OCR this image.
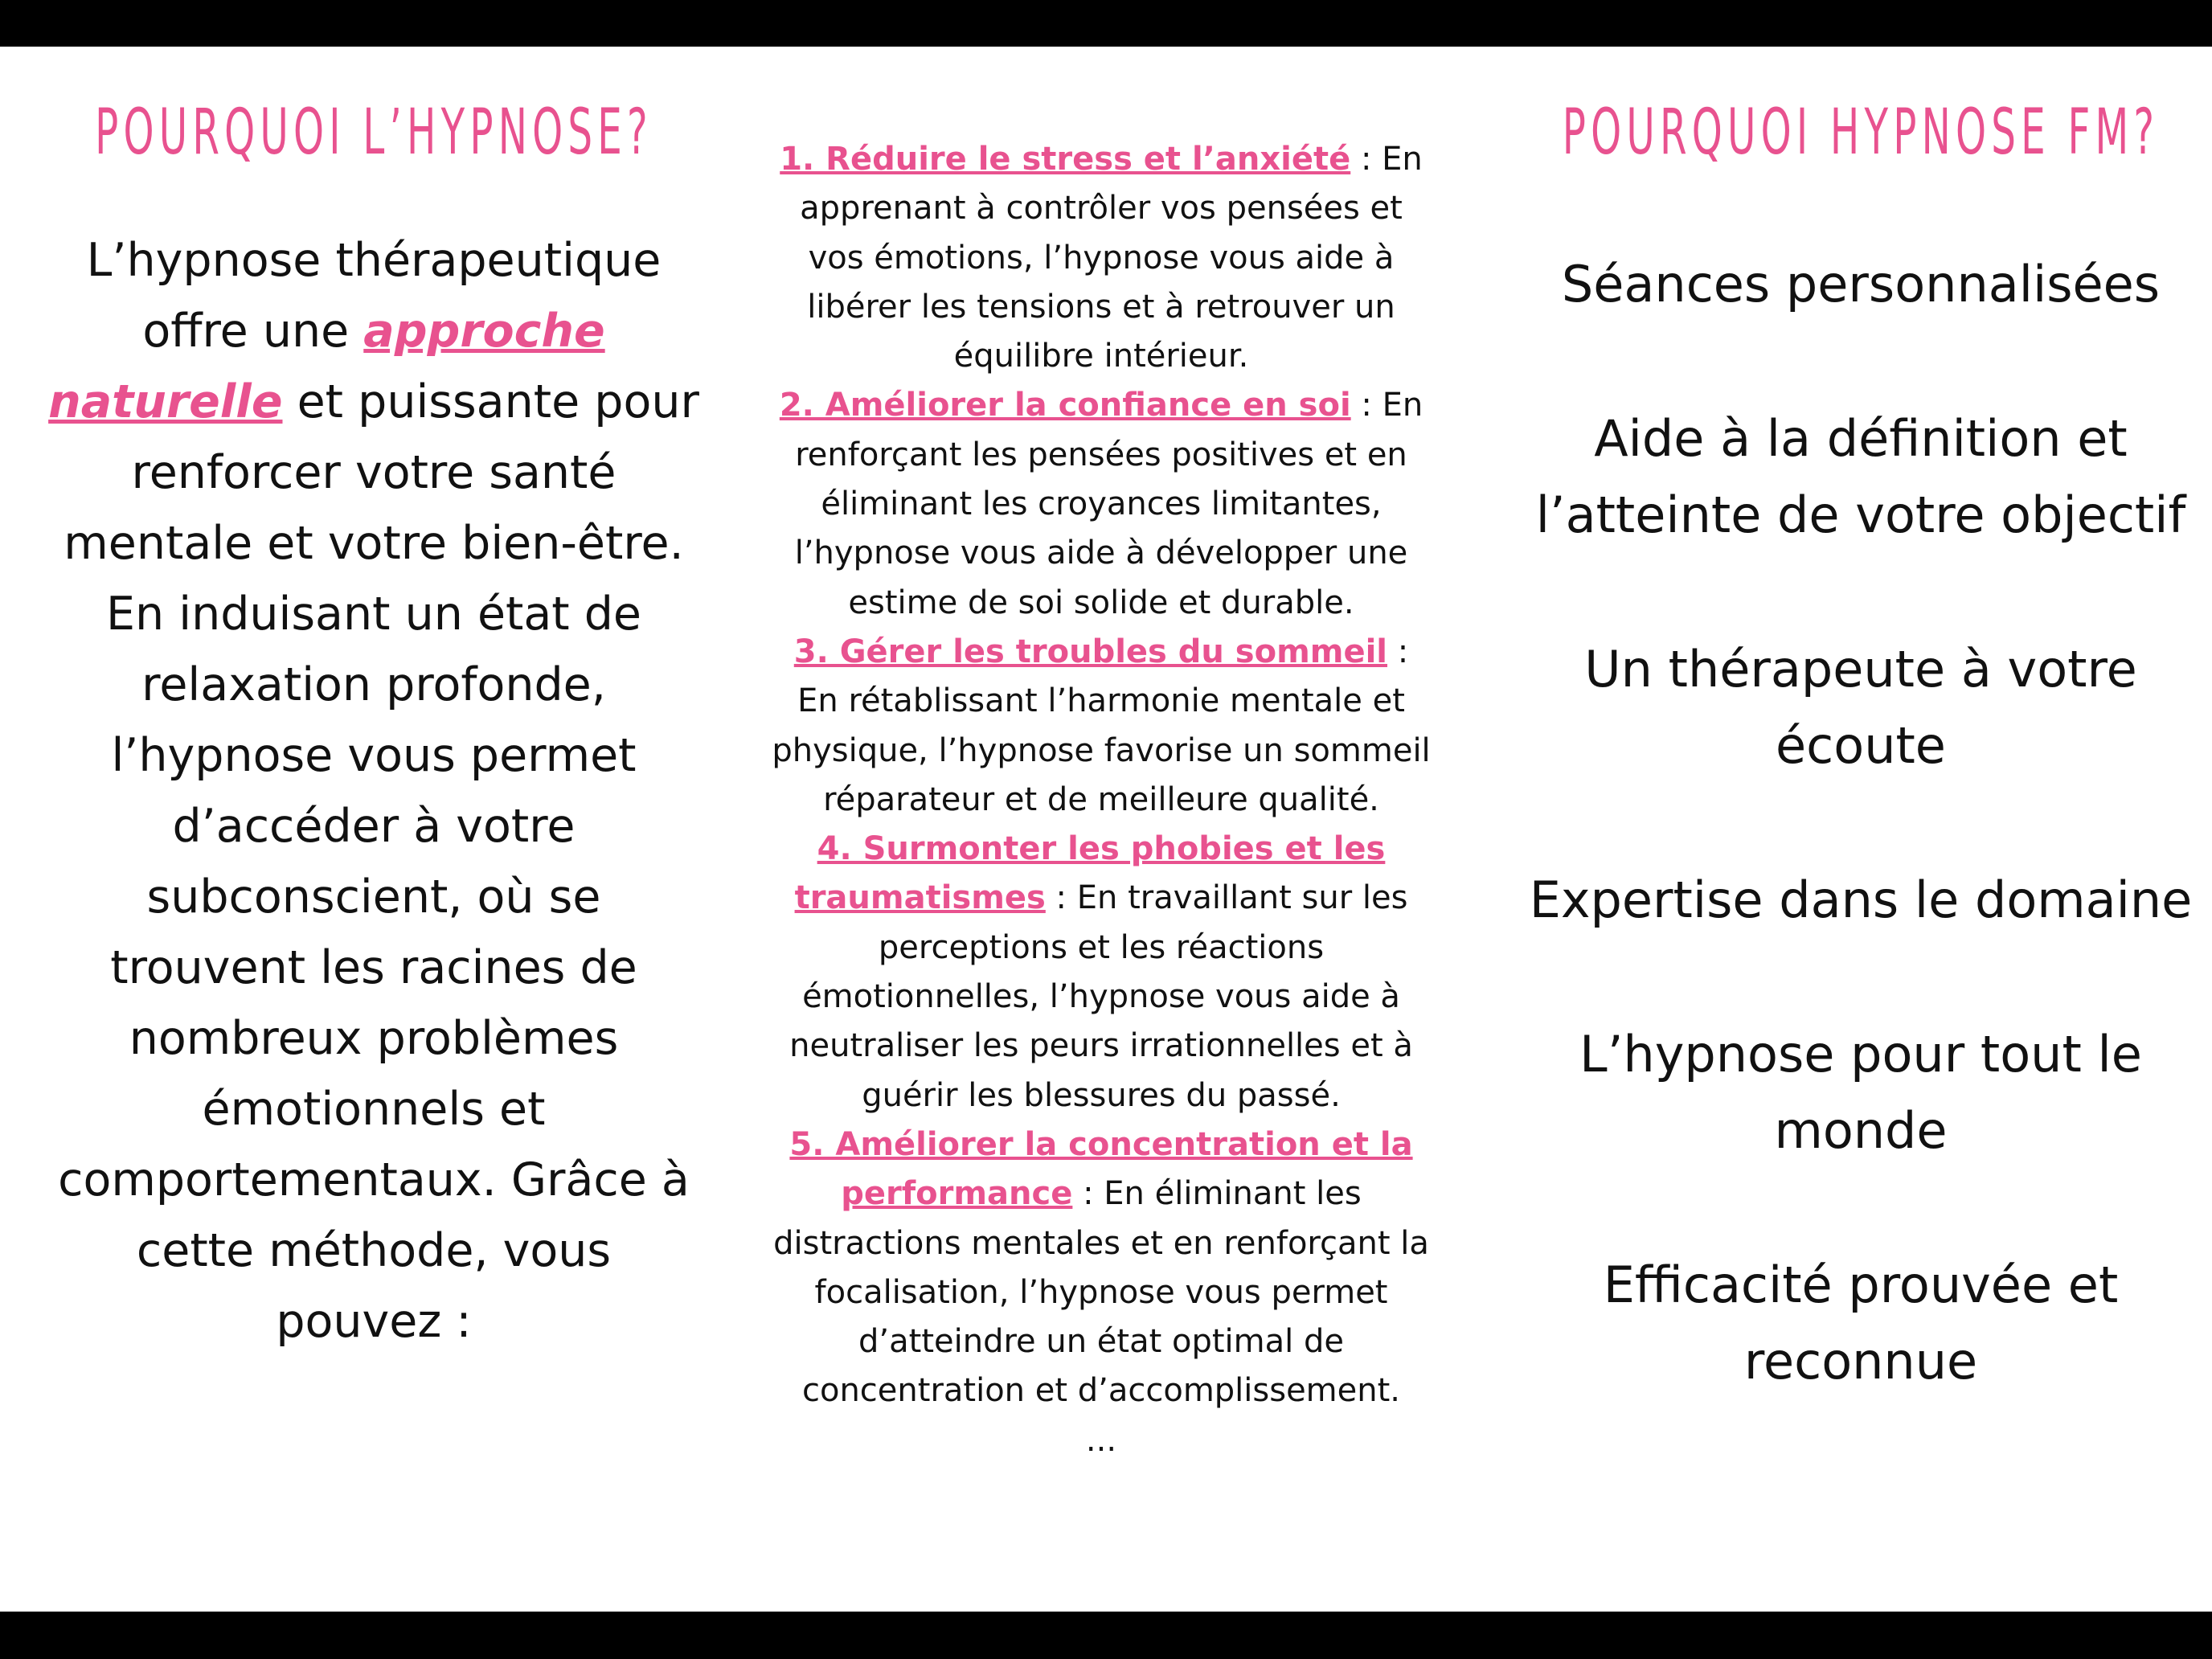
POURQUOI L’HYPNOSE?
L’hypnose thérapeutique offre une approche naturelle et puissante pour renforcer votre santé mentale et votre bien-être. En induisant un état de relaxation profonde, l’hypnose vous permet d’accéder à votre subconscient, où se trouvent les racines de nombreux problèmes émotionnels et comportementaux. Grâce à cette méthode, vous pouvez :
1. Réduire le stress et l’anxiété : En apprenant à contrôler vos pensées et vos émotions, l’hypnose vous aide à libérer les tensions et à retrouver un équilibre intérieur.
2. Améliorer la confiance en soi : En renforçant les pensées positives et en éliminant les croyances limitantes, l’hypnose vous aide à développer une estime de soi solide et durable.
3. Gérer les troubles du sommeil : En rétablissant l’harmonie mentale et physique, l’hypnose favorise un sommeil réparateur et de meilleure qualité.
4. Surmonter les phobies et les traumatismes : En travaillant sur les perceptions et les réactions émotionnelles, l’hypnose vous aide à neutraliser les peurs irrationnelles et à guérir les blessures du passé.
5. Améliorer la concentration et la performance : En éliminant les distractions mentales et en renforçant la focalisation, l’hypnose vous permet d’atteindre un état optimal de concentration et d’accomplissement.
...
POURQUOI HYPNOSE FM?
Séances personnalisées
Aide à la définition et l’atteinte de votre objectif
Un thérapeute à votre écoute
Expertise dans le domaine
L’hypnose pour tout le monde
Efficacité prouvée et reconnue
